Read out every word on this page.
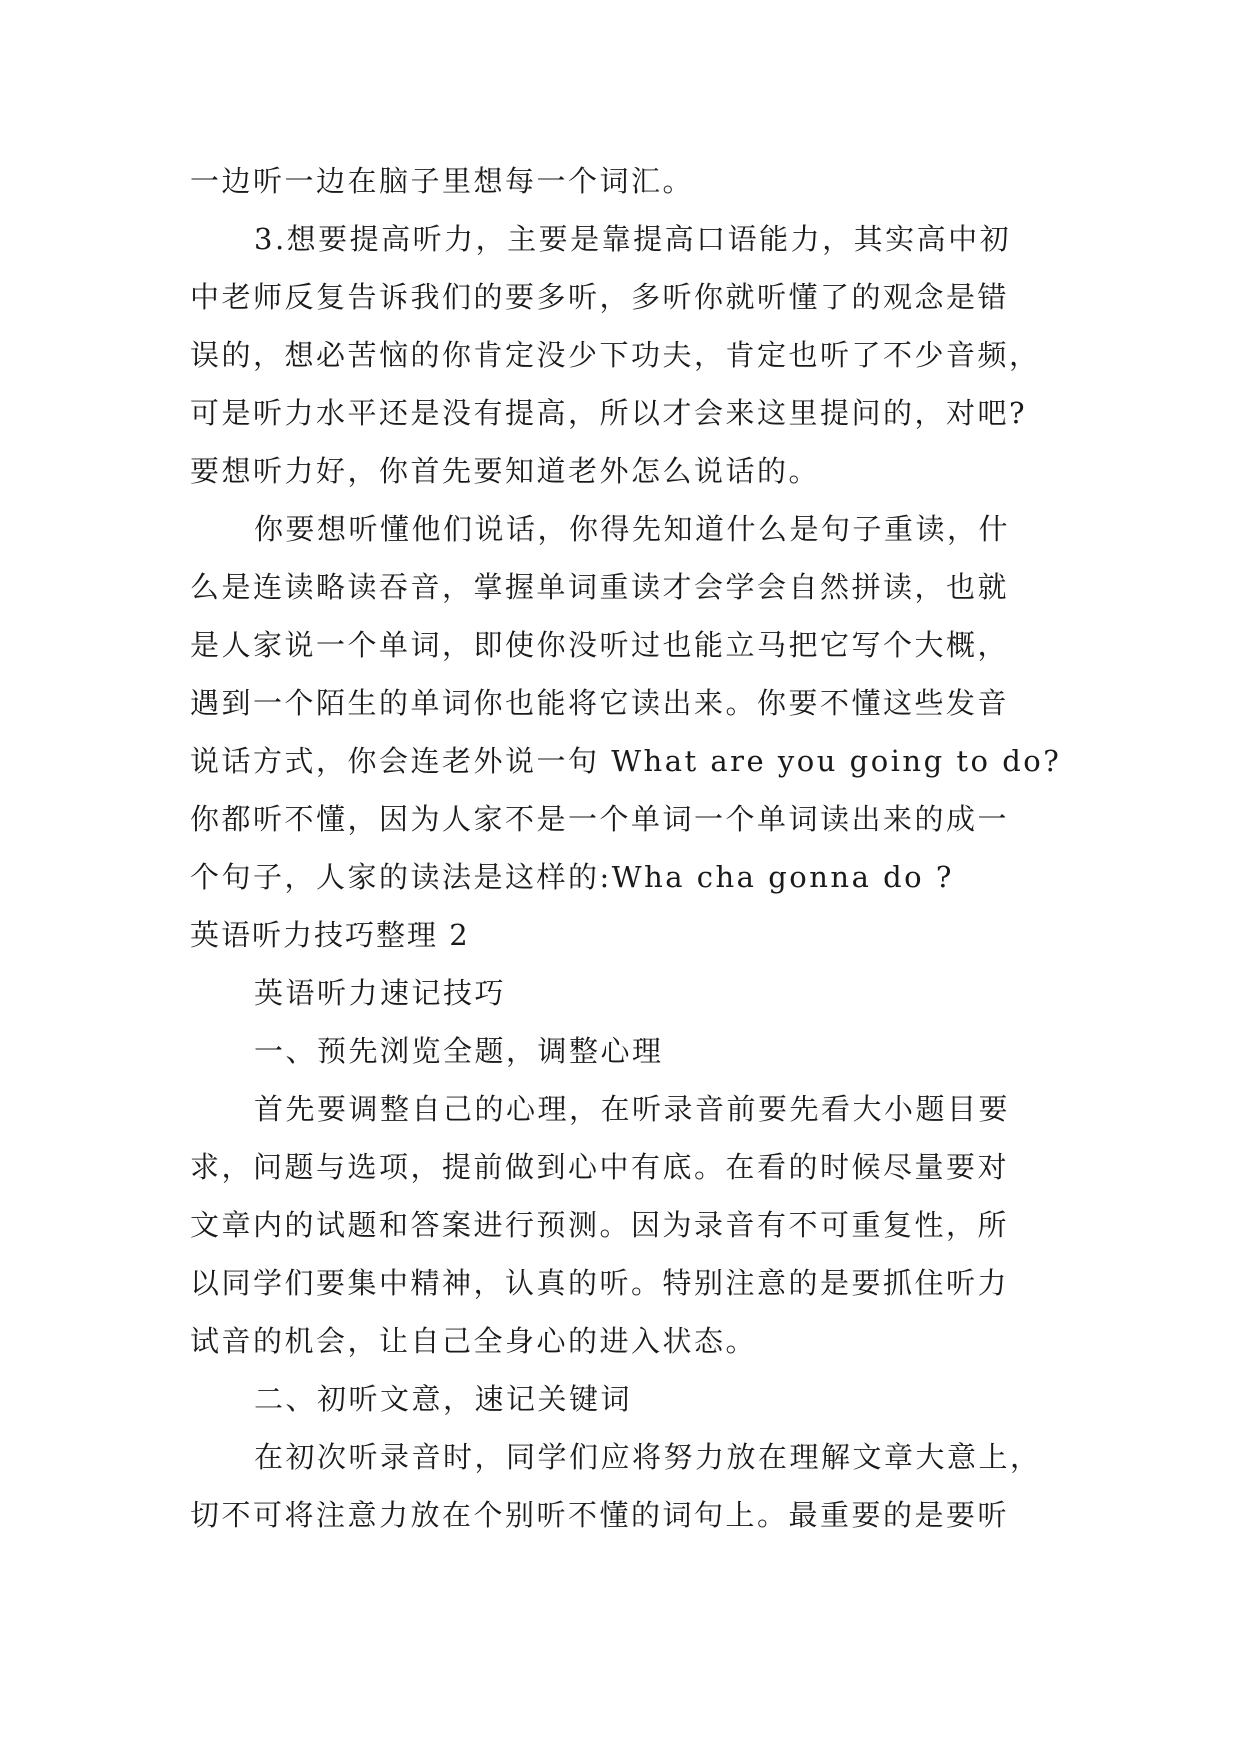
一边听一边在脑子里想每一个词汇。
3.想要提高听力，主要是靠提高口语能力，其实高中初
中老师反复告诉我们的要多听，多听你就听懂了的观念是错
误的，想必苦恼的你肯定没少下功夫，肯定也听了不少音频，
可是听力水平还是没有提高，所以才会来这里提问的，对吧?
要想听力好，你首先要知道老外怎么说话的。
你要想听懂他们说话，你得先知道什么是句子重读，什
么是连读略读吞音，掌握单词重读才会学会自然拼读，也就
是人家说一个单词，即使你没听过也能立马把它写个大概，
遇到一个陌生的单词你也能将它读出来。你要不懂这些发音
说话方式，你会连老外说一句 What are you going to do?
你都听不懂，因为人家不是一个单词一个单词读出来的成一
个句子，人家的读法是这样的:Wha cha gonna do ?
英语听力技巧整理 2
英语听力速记技巧
一、预先浏览全题，调整心理
首先要调整自己的心理，在听录音前要先看大小题目要
求，问题与选项，提前做到心中有底。在看的时候尽量要对
文章内的试题和答案进行预测。因为录音有不可重复性，所
以同学们要集中精神，认真的听。特别注意的是要抓住听力
试音的机会，让自己全身心的进入状态。
二、初听文意，速记关键词
在初次听录音时，同学们应将努力放在理解文章大意上，
切不可将注意力放在个别听不懂的词句上。最重要的是要听
